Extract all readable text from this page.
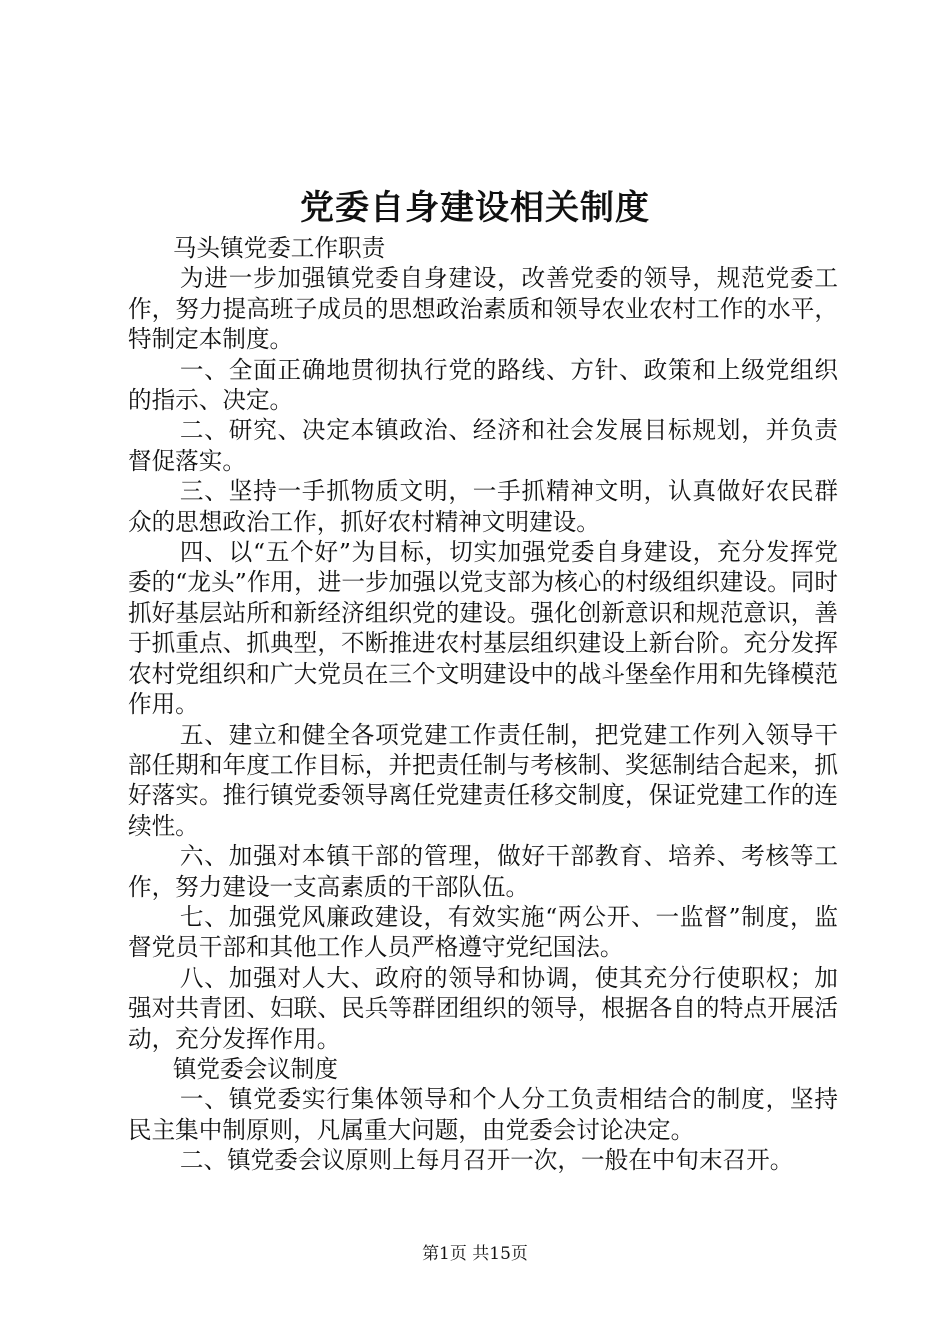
党委自身建设相关制度

马头镇党委工作职责

为进一步加强镇党委自身建设，改善党委的领导，规范党委工作，努力提高班子成员的思想政治素质和领导农业农村工作的水平，特制定本制度。

一、全面正确地贯彻执行党的路线、方针、政策和上级党组织的指示、决定。

二、研究、决定本镇政治、经济和社会发展目标规划，并负责督促落实。

三、坚持一手抓物质文明，一手抓精神文明，认真做好农民群众的思想政治工作，抓好农村精神文明建设。

四、以“五个好”为目标，切实加强党委自身建设，充分发挥党委的“龙头”作用，进一步加强以党支部为核心的村级组织建设。同时抓好基层站所和新经济组织党的建设。强化创新意识和规范意识，善于抓重点、抓典型，不断推进农村基层组织建设上新台阶。充分发挥农村党组织和广大党员在三个文明建设中的战斗堡垒作用和先锋模范作用。

五、建立和健全各项党建工作责任制，把党建工作列入领导干部任期和年度工作目标，并把责任制与考核制、奖惩制结合起来，抓好落实。推行镇党委领导离任党建责任移交制度，保证党建工作的连续性。

六、加强对本镇干部的管理，做好干部教育、培养、考核等工作，努力建设一支高素质的干部队伍。

七、加强党风廉政建设，有效实施“两公开、一监督”制度，监督党员干部和其他工作人员严格遵守党纪国法。

八、加强对人大、政府的领导和协调，使其充分行使职权；加强对共青团、妇联、民兵等群团组织的领导，根据各自的特点开展活动，充分发挥作用。

镇党委会议制度

一、镇党委实行集体领导和个人分工负责相结合的制度，坚持民主集中制原则，凡属重大问题，由党委会讨论决定。

二、镇党委会议原则上每月召开一次，一般在中旬末召开。

第1页 共15页
